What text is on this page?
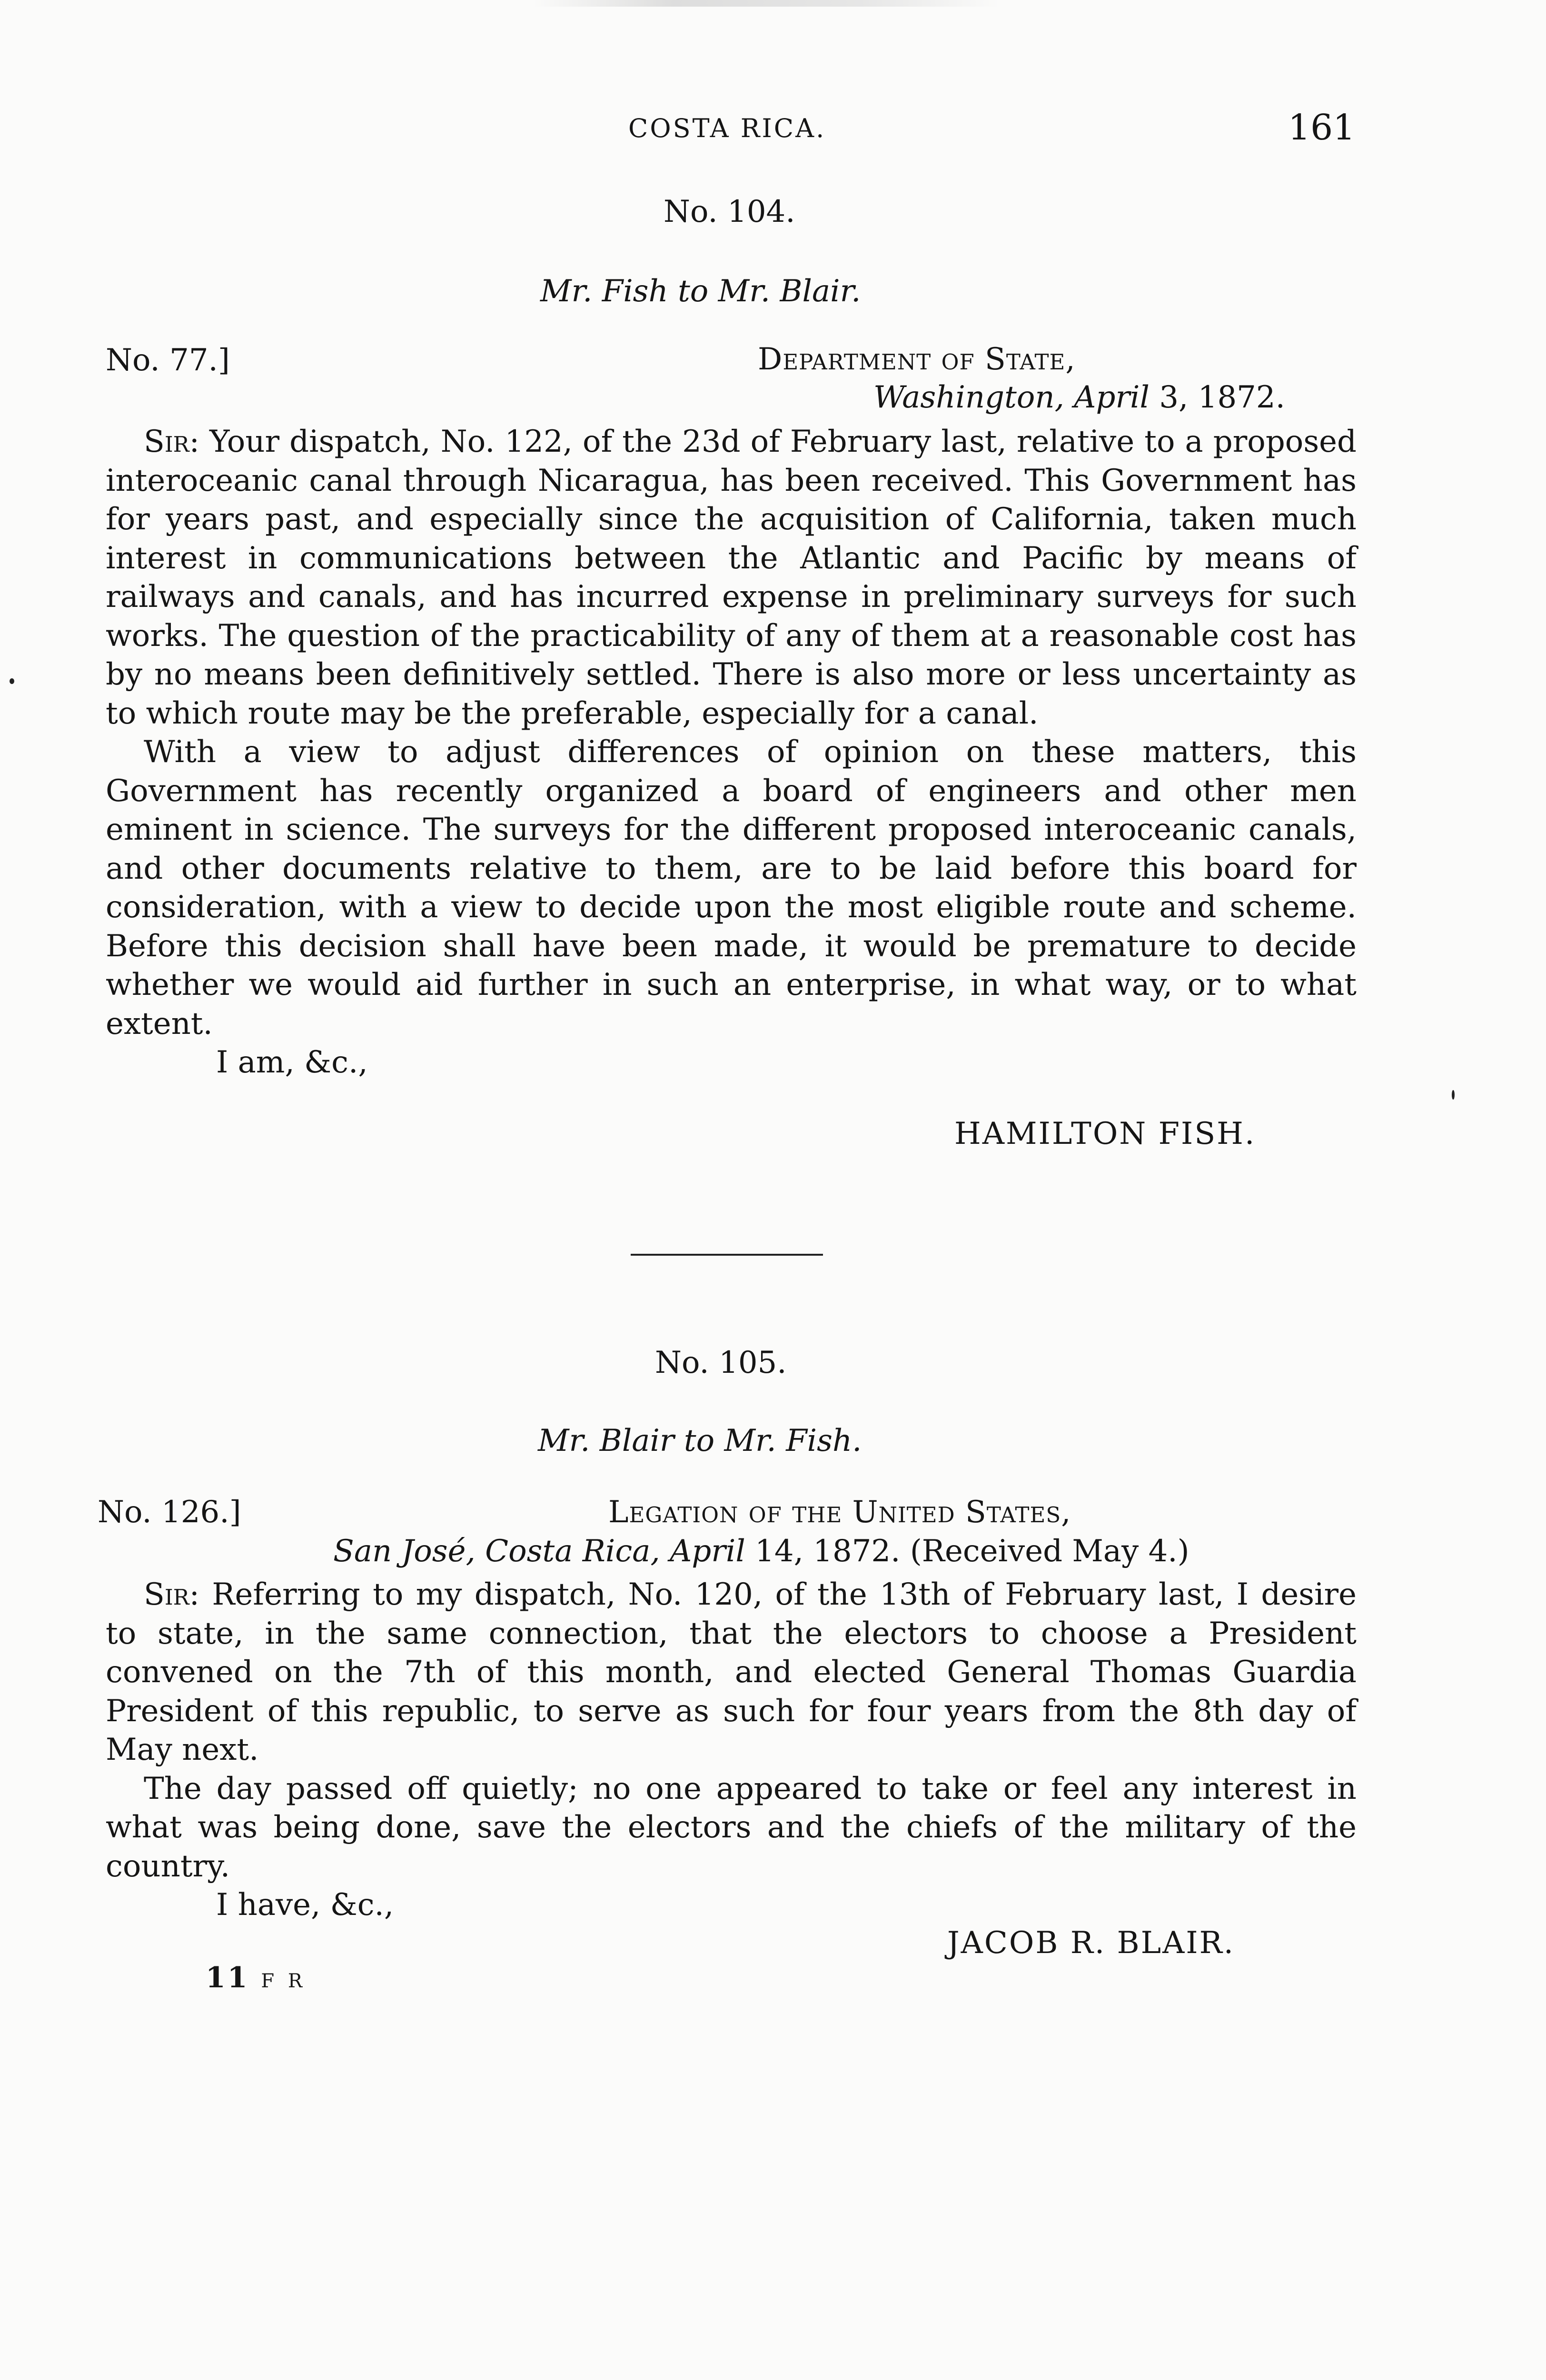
COSTA RICA.	161
No. 104.
Mr. Fish to Mr. Blair.
No. 77.]	Department of State,
Washington, April 3, 1872.

Sir: Your dispatch, No. 122, of the 23d of February last, relative to a proposed interoceanic canal through Nicaragua, has been received. This Government has for years past, and especially since the acquisition of California, taken much interest in communications between the Atlantic and Pacific by means of railways and canals, and has incurred expense in preliminary surveys for such works. The question of the practicability of any of them at a reasonable cost has by no means been definitively settled. There is also more or less uncertainty as to which route may be the preferable, especially for a canal.

With a view to adjust differences of opinion on these matters, this Government has recently organized a board of engineers and other men eminent in science. The surveys for the different proposed interoceanic canals, and other documents relative to them, are to be laid before this board for consideration, with a view to decide upon the most eligible route and scheme. Before this decision shall have been made, it would be premature to decide whether we would aid further in such an enterprise, in what way, or to what extent.

I am, &c.,

HAMILTON FISH.
No. 105.
Mr. Blair to Mr. Fish.
No. 126.]	Legation of the United States,
San José, Costa Rica, April 14, 1872. (Received May 4.)

Sir: Referring to my dispatch, No. 120, of the 13th of February last, I desire to state, in the same connection, that the electors to choose a President convened on the 7th of this month, and elected General Thomas Guardia President of this republic, to serve as such for four years from the 8th day of May next.

The day passed off quietly; no one appeared to take or feel any interest in what was being done, save the electors and the chiefs of the military of the country.

I have, &c.,

JACOB R. BLAIR.
11 F R
